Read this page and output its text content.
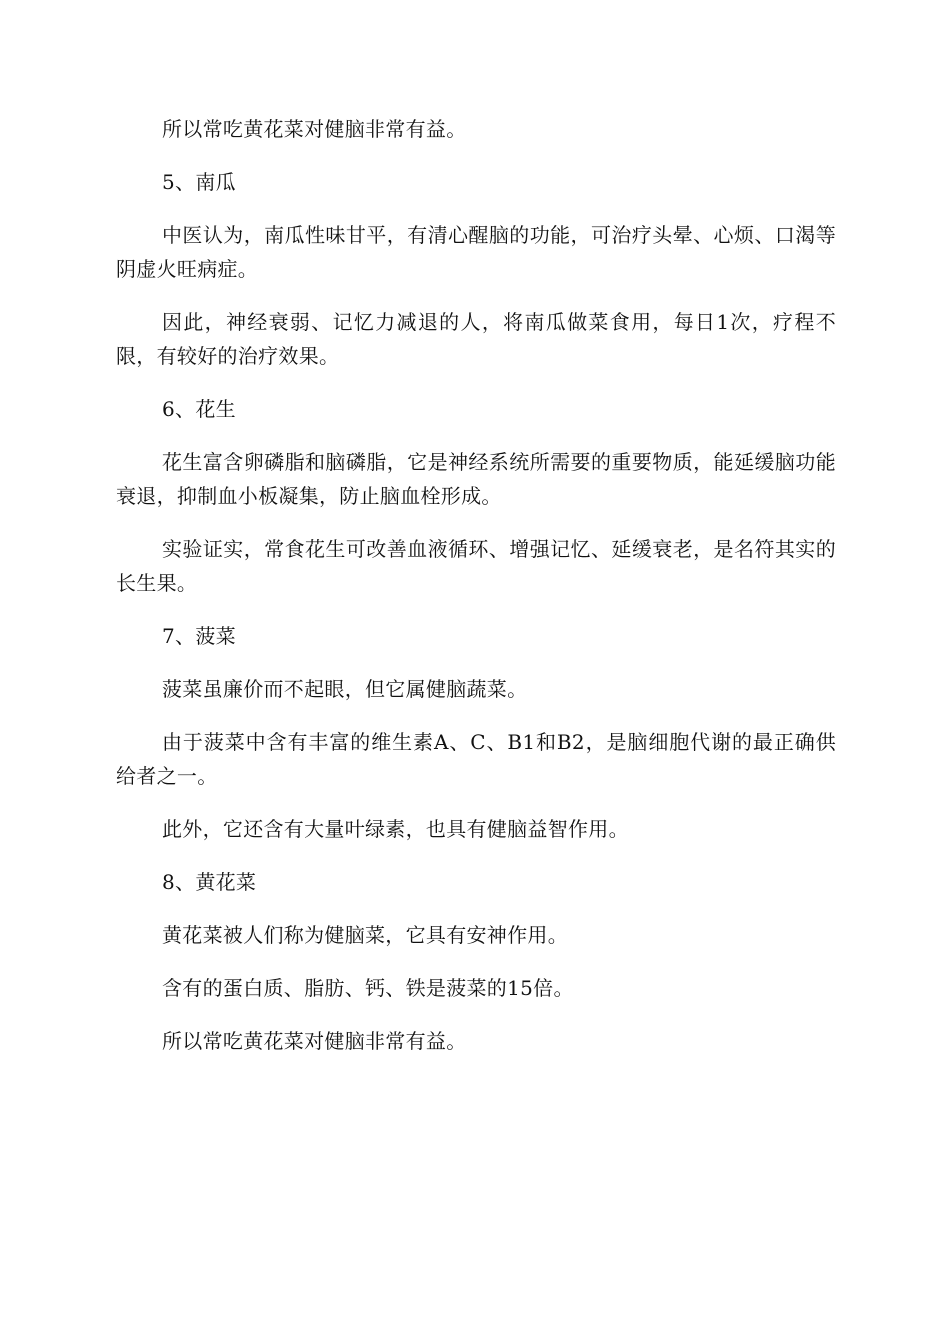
所以常吃黄花菜对健脑非常有益。

5、南瓜

中医认为，南瓜性味甘平，有清心醒脑的功能，可治疗头晕、心烦、口渴等阴虚火旺病症。

因此，神经衰弱、记忆力减退的人，将南瓜做菜食用，每日1次，疗程不限，有较好的治疗效果。

6、花生

花生富含卵磷脂和脑磷脂，它是神经系统所需要的重要物质，能延缓脑功能衰退，抑制血小板凝集，防止脑血栓形成。

实验证实，常食花生可改善血液循环、增强记忆、延缓衰老，是名符其实的长生果。

7、菠菜

菠菜虽廉价而不起眼，但它属健脑蔬菜。

由于菠菜中含有丰富的维生素A、C、B1和B2，是脑细胞代谢的最正确供给者之一。

此外，它还含有大量叶绿素，也具有健脑益智作用。

8、黄花菜

黄花菜被人们称为健脑菜，它具有安神作用。

含有的蛋白质、脂肪、钙、铁是菠菜的15倍。

所以常吃黄花菜对健脑非常有益。
